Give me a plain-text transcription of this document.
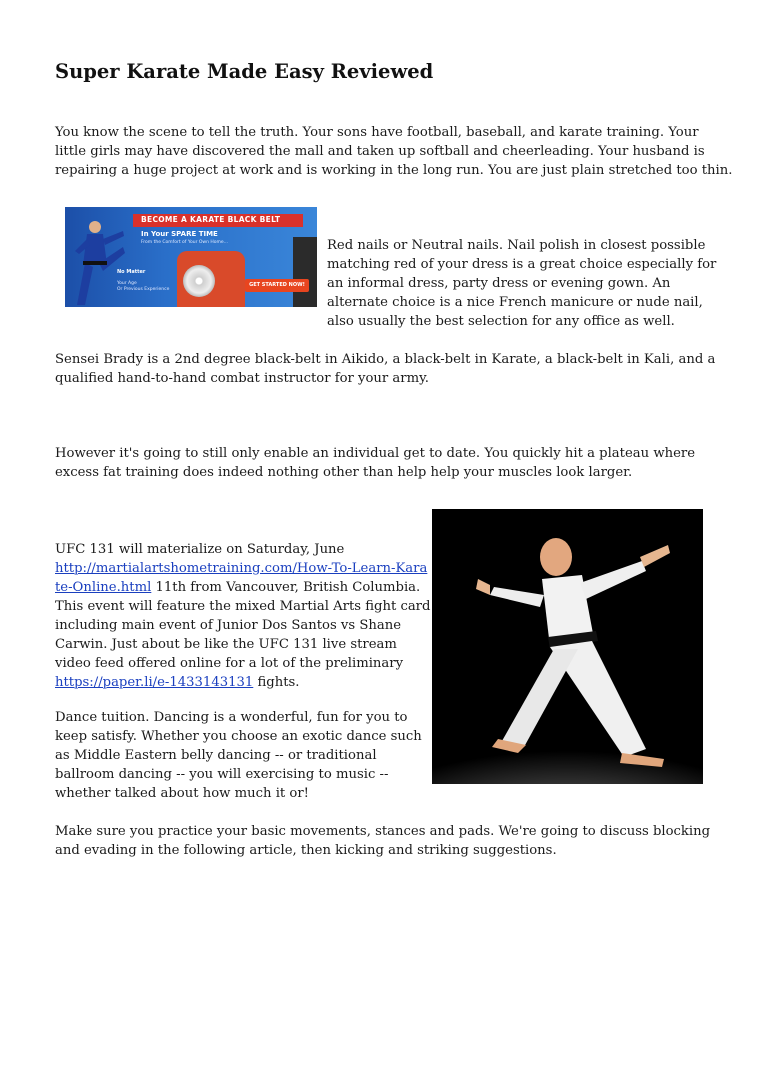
Super Karate Made Easy Reviewed

You know the scene to tell the truth. Your sons have football, baseball, and karate training. Your
little girls may have discovered the mall and taken up softball and cheerleading. Your husband is
repairing a huge project at work and is working in the long run. You are just plain stretched too thin.

BECOME A KARATE BLACK BELT
In Your SPARE TIME
From the Comfort of Your Own Home...
No Matter
Your Age
Or Previous Experience
GET STARTED NOW!

Red nails or Neutral nails. Nail polish in closest possible
matching red of your dress is a great choice especially for
an informal dress, party dress or evening gown. An
alternate choice is a nice French manicure or nude nail,
also usually the best selection for any office as well.

Sensei Brady is a 2nd degree black-belt in Aikido, a black-belt in Karate, a black-belt in Kali, and a
qualified hand-to-hand combat instructor for your army.

However it's going to still only enable an individual get to date. You quickly hit a plateau where
excess fat training does indeed nothing other than help help your muscles look larger.

UFC 131 will materialize on Saturday, June
http://martialartshometraining.com/How-To-Learn-Kara
te-Online.html 11th from Vancouver, British Columbia.
This event will feature the mixed Martial Arts fight card
including main event of Junior Dos Santos vs Shane
Carwin. Just about be like the UFC 131 live stream
video feed offered online for a lot of the preliminary
https://paper.li/e-1433143131 fights.

Dance tuition. Dancing is a wonderful, fun for you to
keep satisfy. Whether you choose an exotic dance such
as Middle Eastern belly dancing -- or traditional
ballroom dancing -- you will exercising to music --
whether talked about how much it or!

Make sure you practice your basic movements, stances and pads. We're going to discuss blocking
and evading in the following article, then kicking and striking suggestions.
